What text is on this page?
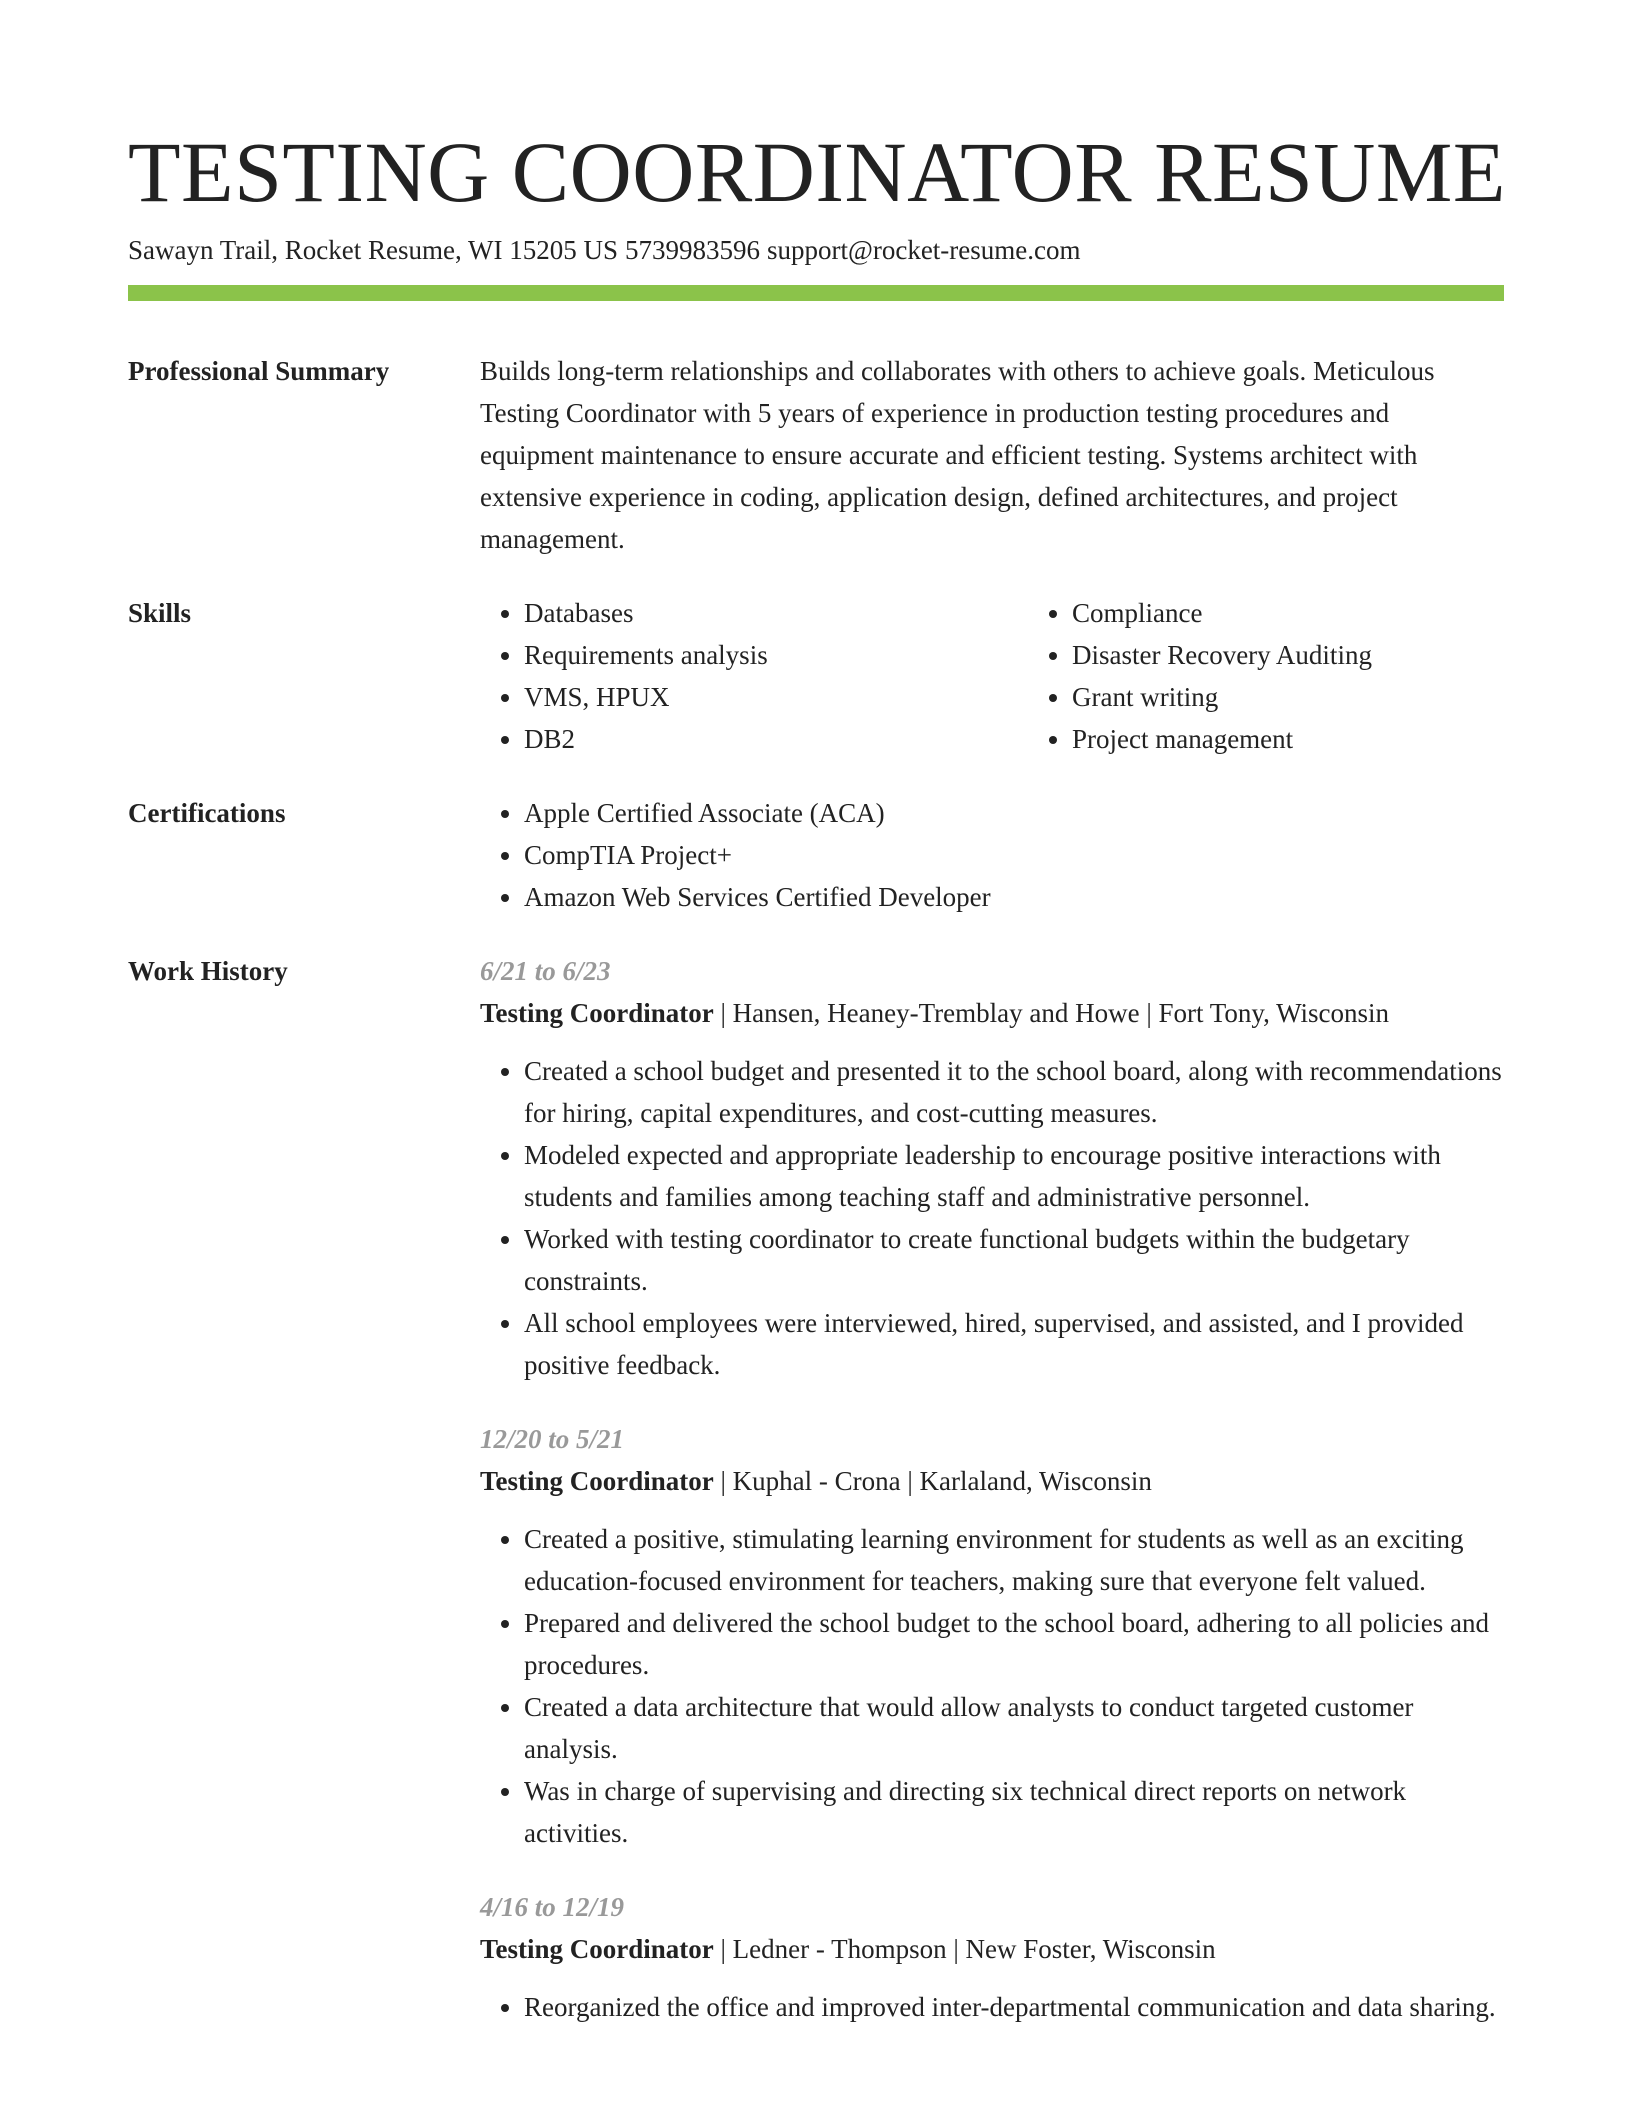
TESTING COORDINATOR RESUME
Sawayn Trail, Rocket Resume, WI 15205 US 5739983596 support@rocket-resume.com
Professional Summary	Builds long-term relationships and collaborates with others to achieve goals. Meticulous Testing Coordinator with 5 years of experience in production testing procedures and equipment maintenance to ensure accurate and efficient testing. Systems architect with extensive experience in coding, application design, defined architectures, and project management.

Skills	• Databases
• Requirements analysis
• VMS, HPUX
• DB2
• Compliance
• Disaster Recovery Auditing
• Grant writing
• Project management
Certifications	• Apple Certified Associate (ACA)
• CompTIA Project+
• Amazon Web Services Certified Developer
Work History	6/21 to 6/23
Testing Coordinator | Hansen, Heaney-Tremblay and Howe | Fort Tony, Wisconsin
• Created a school budget and presented it to the school board, along with recommendations for hiring, capital expenditures, and cost-cutting measures.
• Modeled expected and appropriate leadership to encourage positive interactions with students and families among teaching staff and administrative personnel.
• Worked with testing coordinator to create functional budgets within the budgetary constraints.
• All school employees were interviewed, hired, supervised, and assisted, and I provided positive feedback.
12/20 to 5/21
Testing Coordinator | Kuphal - Crona | Karlaland, Wisconsin
• Created a positive, stimulating learning environment for students as well as an exciting education-focused environment for teachers, making sure that everyone felt valued.
• Prepared and delivered the school budget to the school board, adhering to all policies and procedures.
• Created a data architecture that would allow analysts to conduct targeted customer analysis.
• Was in charge of supervising and directing six technical direct reports on network activities.
4/16 to 12/19
Testing Coordinator | Ledner - Thompson | New Foster, Wisconsin
• Reorganized the office and improved inter-departmental communication and data sharing.
